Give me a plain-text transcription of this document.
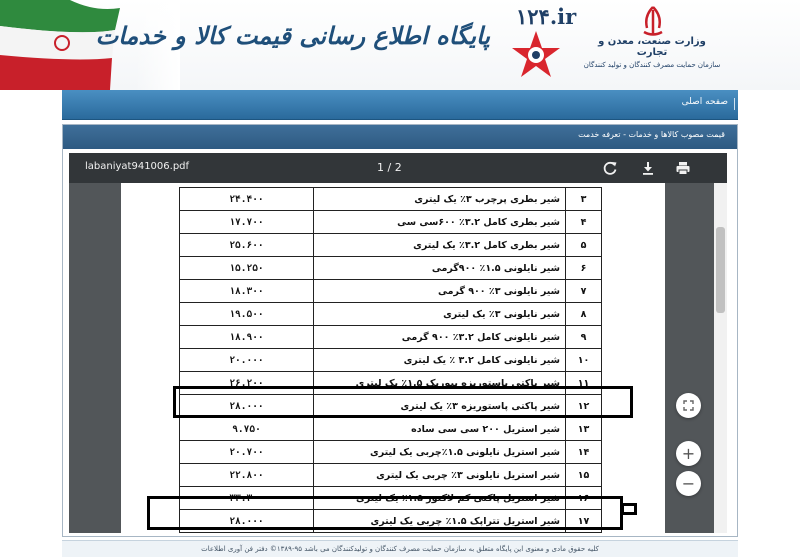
پایگاه اطلاع رسانی قیمت کالا و خدمات
۱۲۴.ir
وزارت صنعت، معدن و تجارت
سازمان حمایت مصرف کنندگان و تولید کنندگان
صفحه اصلی
قیمت مصوب کالاها و خدمات - تعرفه خدمت
labaniyat941006.pdf	1 / 2
۳	شیر بطری پرچرب ۳٪ یک لیتری	۲۴.۴۰۰
۴	شیر بطری کامل ۳.۲٪ ۶۰۰سی سی	۱۷.۷۰۰
۵	شیر بطری کامل ۳.۲٪ یک لیتری	۲۵.۶۰۰
۶	شیر نایلونی ۱.۵٪ ۹۰۰گرمی	۱۵.۲۵۰
۷	شیر نایلونی ۳٪ ۹۰۰ گرمی	۱۸.۳۰۰
۸	شیر نایلونی ۳٪ یک لیتری	۱۹.۵۰۰
۹	شیر نایلونی کامل ۳.۲٪ ۹۰۰ گرمی	۱۸.۹۰۰
۱۰	شیر نایلونی کامل ۳.۲ ٪ یک لیتری	۲۰.۰۰۰
۱۱	شیر پاکتی پاستوریزه بیوریک ۱.۵٪ یک لیتری	۲۶.۲۰۰
۱۲	شیر پاکتی پاستوریزه ۳٪ یک لیتری	۲۸.۰۰۰
۱۳	شیر استریل ۲۰۰ سی سی ساده	۹.۷۵۰
۱۴	شیر استریل نایلونی ۱.۵٪چربی یک لیتری	۲۰.۷۰۰
۱۵	شیر استریل نایلونی ۳٪ چربی یک لیتری	۲۲.۸۰۰
۱۶	شیر استریل پاکتی کم لاکتوز ۱.۵٪ یک لیتری	۳۳.۳۰۰
۱۷	شیر استریل تتراپک ۱.۵٪ چربی یک لیتری	۲۸.۰۰۰
+
−
کلیه حقوق مادی و معنوی این پایگاه متعلق به سازمان حمایت مصرف کنندگان و تولیدکنندگان می باشد ۹۵-۱۳۸۹© دفتر فن آوری اطلاعات
